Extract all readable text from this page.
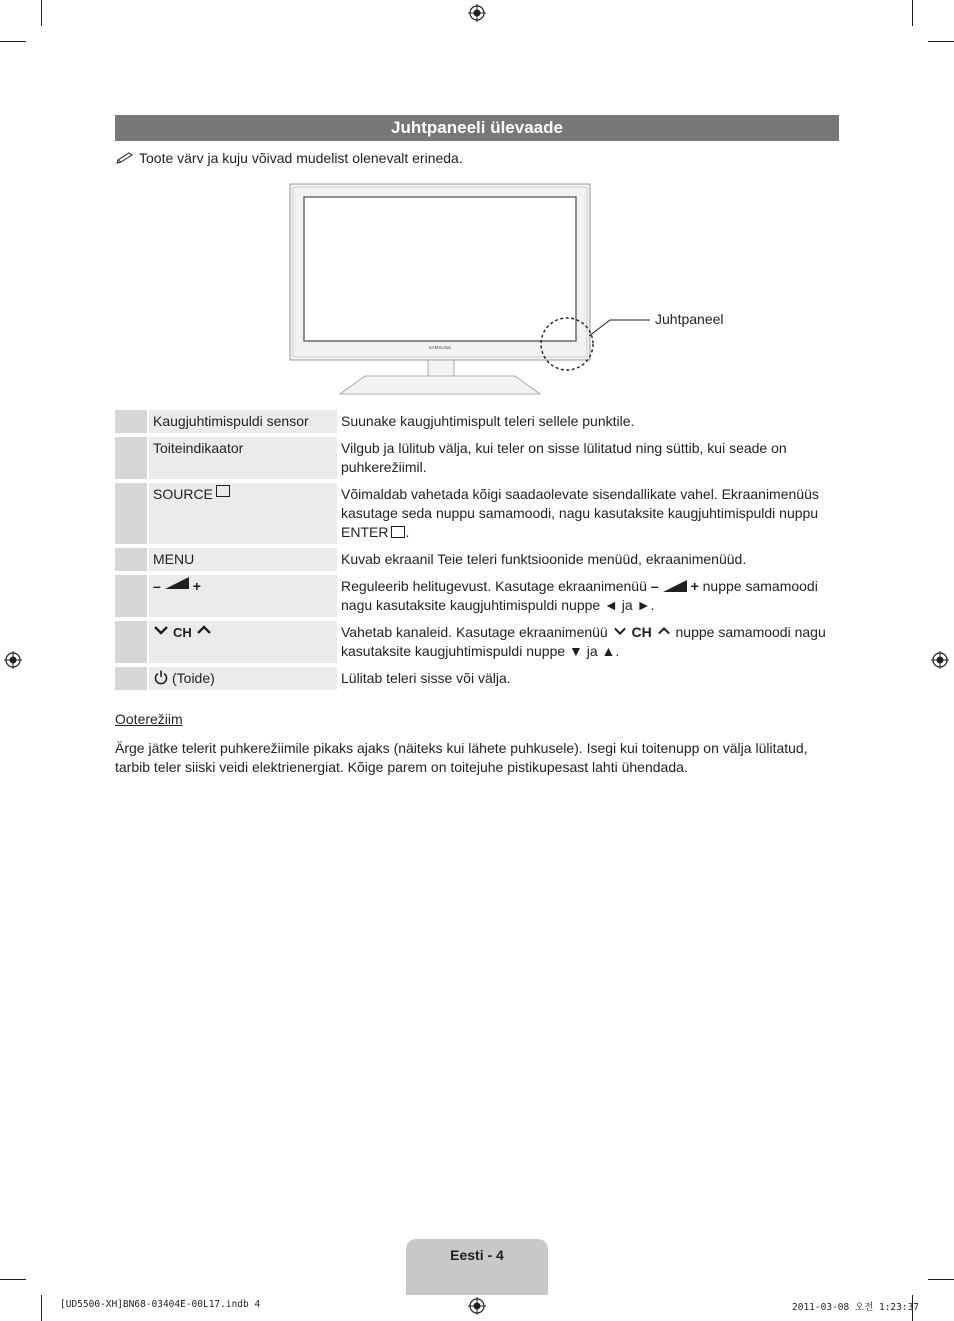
Juhtpaneeli ülevaade
Toote värv ja kuju võivad mudelist olenevalt erineda.
SAMSUNG
Juhtpaneel
Kaugjuhtimispuldi sensor	Suunake kaugjuhtimispult teleri sellele punktile.
Toiteindikaator	Vilgub ja lülitub välja, kui teler on sisse lülitatud ning süttib, kui seade on puhkerežiimil.
SOURCE	Võimaldab vahetada kõigi saadaolevate sisendallikate vahel. Ekraanimenüüs kasutage seda nuppu samamoodi, nagu kasutaksite kaugjuhtimispuldi nuppu ENTER .
MENU	Kuvab ekraanil Teie teleri funktsioonide menüüd, ekraanimenüüd.
– +	Reguleerib helitugevust. Kasutage ekraanimenüü – + nuppe samamoodi nagu kasutaksite kaugjuhtimispuldi nuppe ◄ ja ►.
CH	Vahetab kanaleid. Kasutage ekraanimenüü CH nuppe samamoodi nagu kasutaksite kaugjuhtimispuldi nuppe ▼ ja ▲.
(Toide)	Lülitab teleri sisse või välja.
Ooterežiim
Ärge jätke telerit puhkerežiimile pikaks ajaks (näiteks kui lähete puhkusele). Isegi kui toitenupp on välja lülitatud, tarbib teler siiski veidi elektrienergiat. Kõige parem on toitejuhe pistikupesast lahti ühendada.
Eesti - 4
[UD5500-XH]BN68-03404E-00L17.indb 4	2011-03-08 오전 1:23:37
